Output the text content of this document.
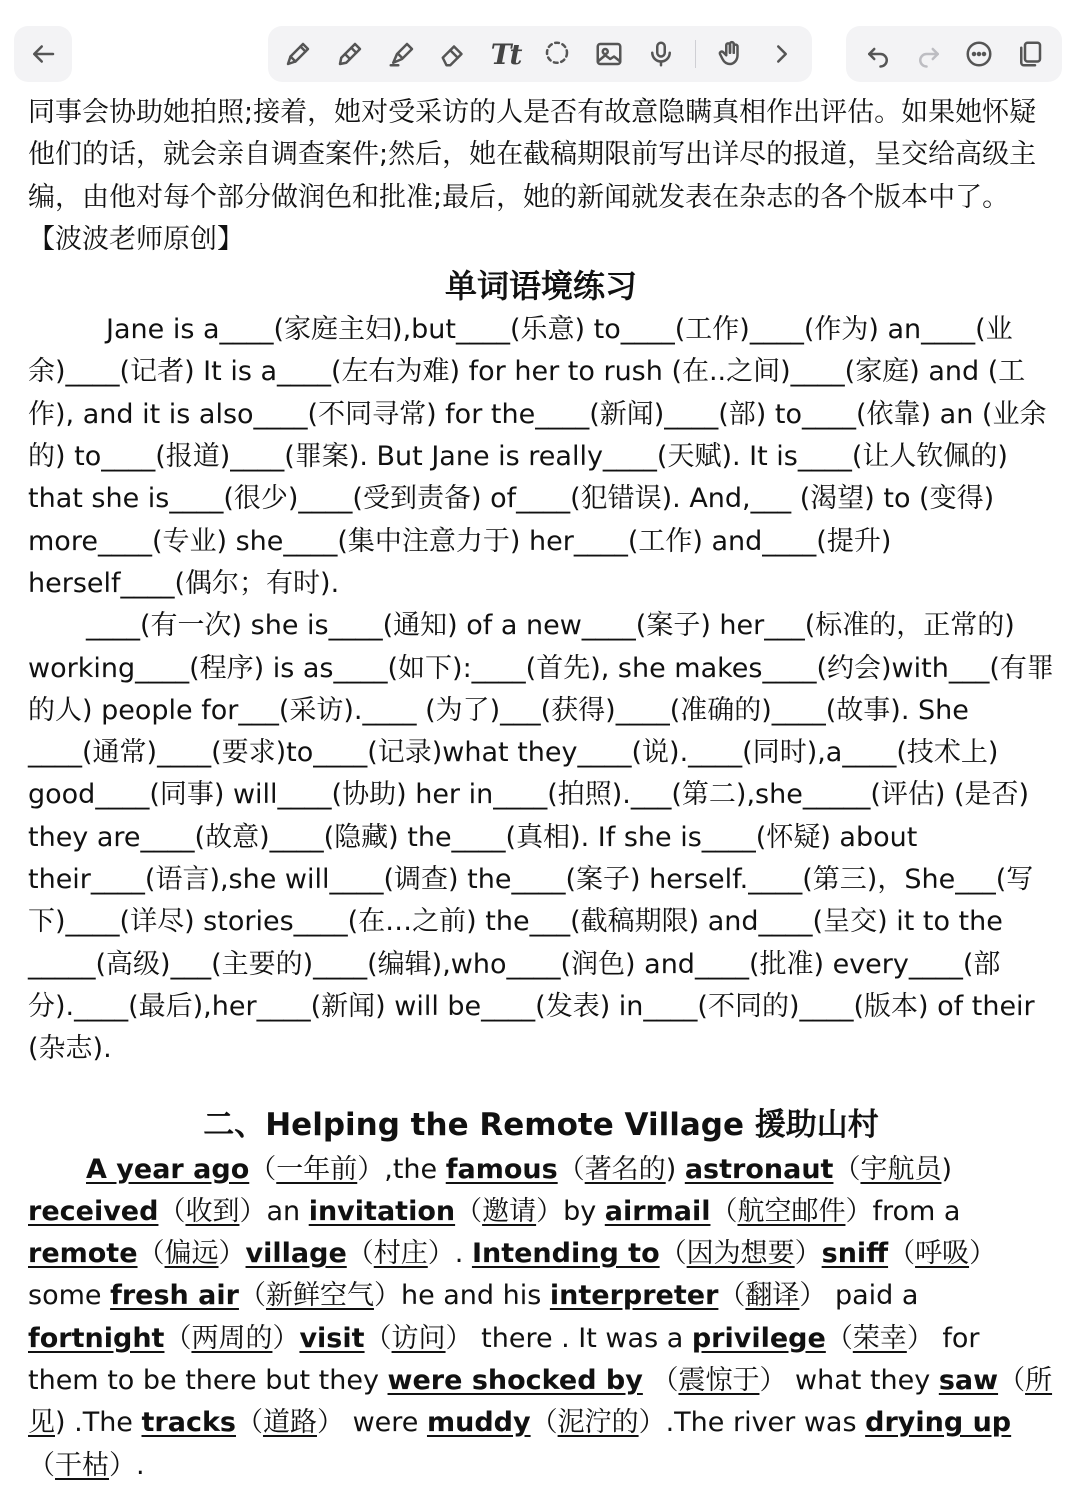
Tt
同事会协助她拍照;接着，她对受采访的人是否有故意隐瞒真相作出评估。如果她怀疑他们的话，就会亲自调查案件;然后，她在截稿期限前写出详尽的报道，呈交给高级主编，由他对每个部分做润色和批准;最后，她的新闻就发表在杂志的各个版本中了。 【波波老师原创】
单词语境练习
Jane is a____(家庭主妇),but____(乐意) to____(工作)____(作为) an____(业余)____(记者) It is a____(左右为难) for her to rush (在..之间)____(家庭) and (工作), and it is also____(不同寻常) for the____(新闻)____(部) to____(依靠) an (业余的) to____(报道)____(罪案). But Jane is really____(天赋). It is____(让人钦佩的) that she is____(很少)____(受到责备) of____(犯错误). And,___ (渴望) to (变得) more____(专业) she____(集中注意力于) her____(工作) and____(提升) herself____(偶尔；有时).
____(有一次) she is____(通知) of a new____(案子) her___(标准的，正常的) working____(程序) is as____(如下):____(首先), she makes____(约会)with___(有罪的人) people for___(采访).____ (为了)___(获得)____(准确的)____(故事). She ____(通常)____(要求)to____(记录)what they____(说).____(同时),a____(技术上) good____(同事) will____(协助) her in____(拍照).___(第二),she_____(评估) (是否) they are____(故意)____(隐藏) the____(真相). If she is____(怀疑) about their____(语言),she will____(调查) the____(案子) herself.____(第三)，She___(写下)____(详尽) stories____(在…之前) the___(截稿期限) and____(呈交) it to the _____(高级)___(主要的)____(编辑),who____(润色) and____(批准) every____(部分).____(最后),her____(新闻) will be____(发表) in____(不同的)____(版本) of their (杂志).
二、Helping the Remote Village 援助山村
A year ago（一年前）,the famous（著名的) astronaut（宇航员) received（收到）an invitation（邀请）by airmail（航空邮件）from a remote（偏远）village（村庄）. Intending to（因为想要）sniff（呼吸） some fresh air（新鲜空气）he and his interpreter（翻译） paid a fortnight（两周的）visit（访问） there . It was a privilege（荣幸） for them to be there but they were shocked by （震惊于） what they saw（所见) .The tracks（道路） were muddy（泥泞的）.The river was drying up（干枯）.
